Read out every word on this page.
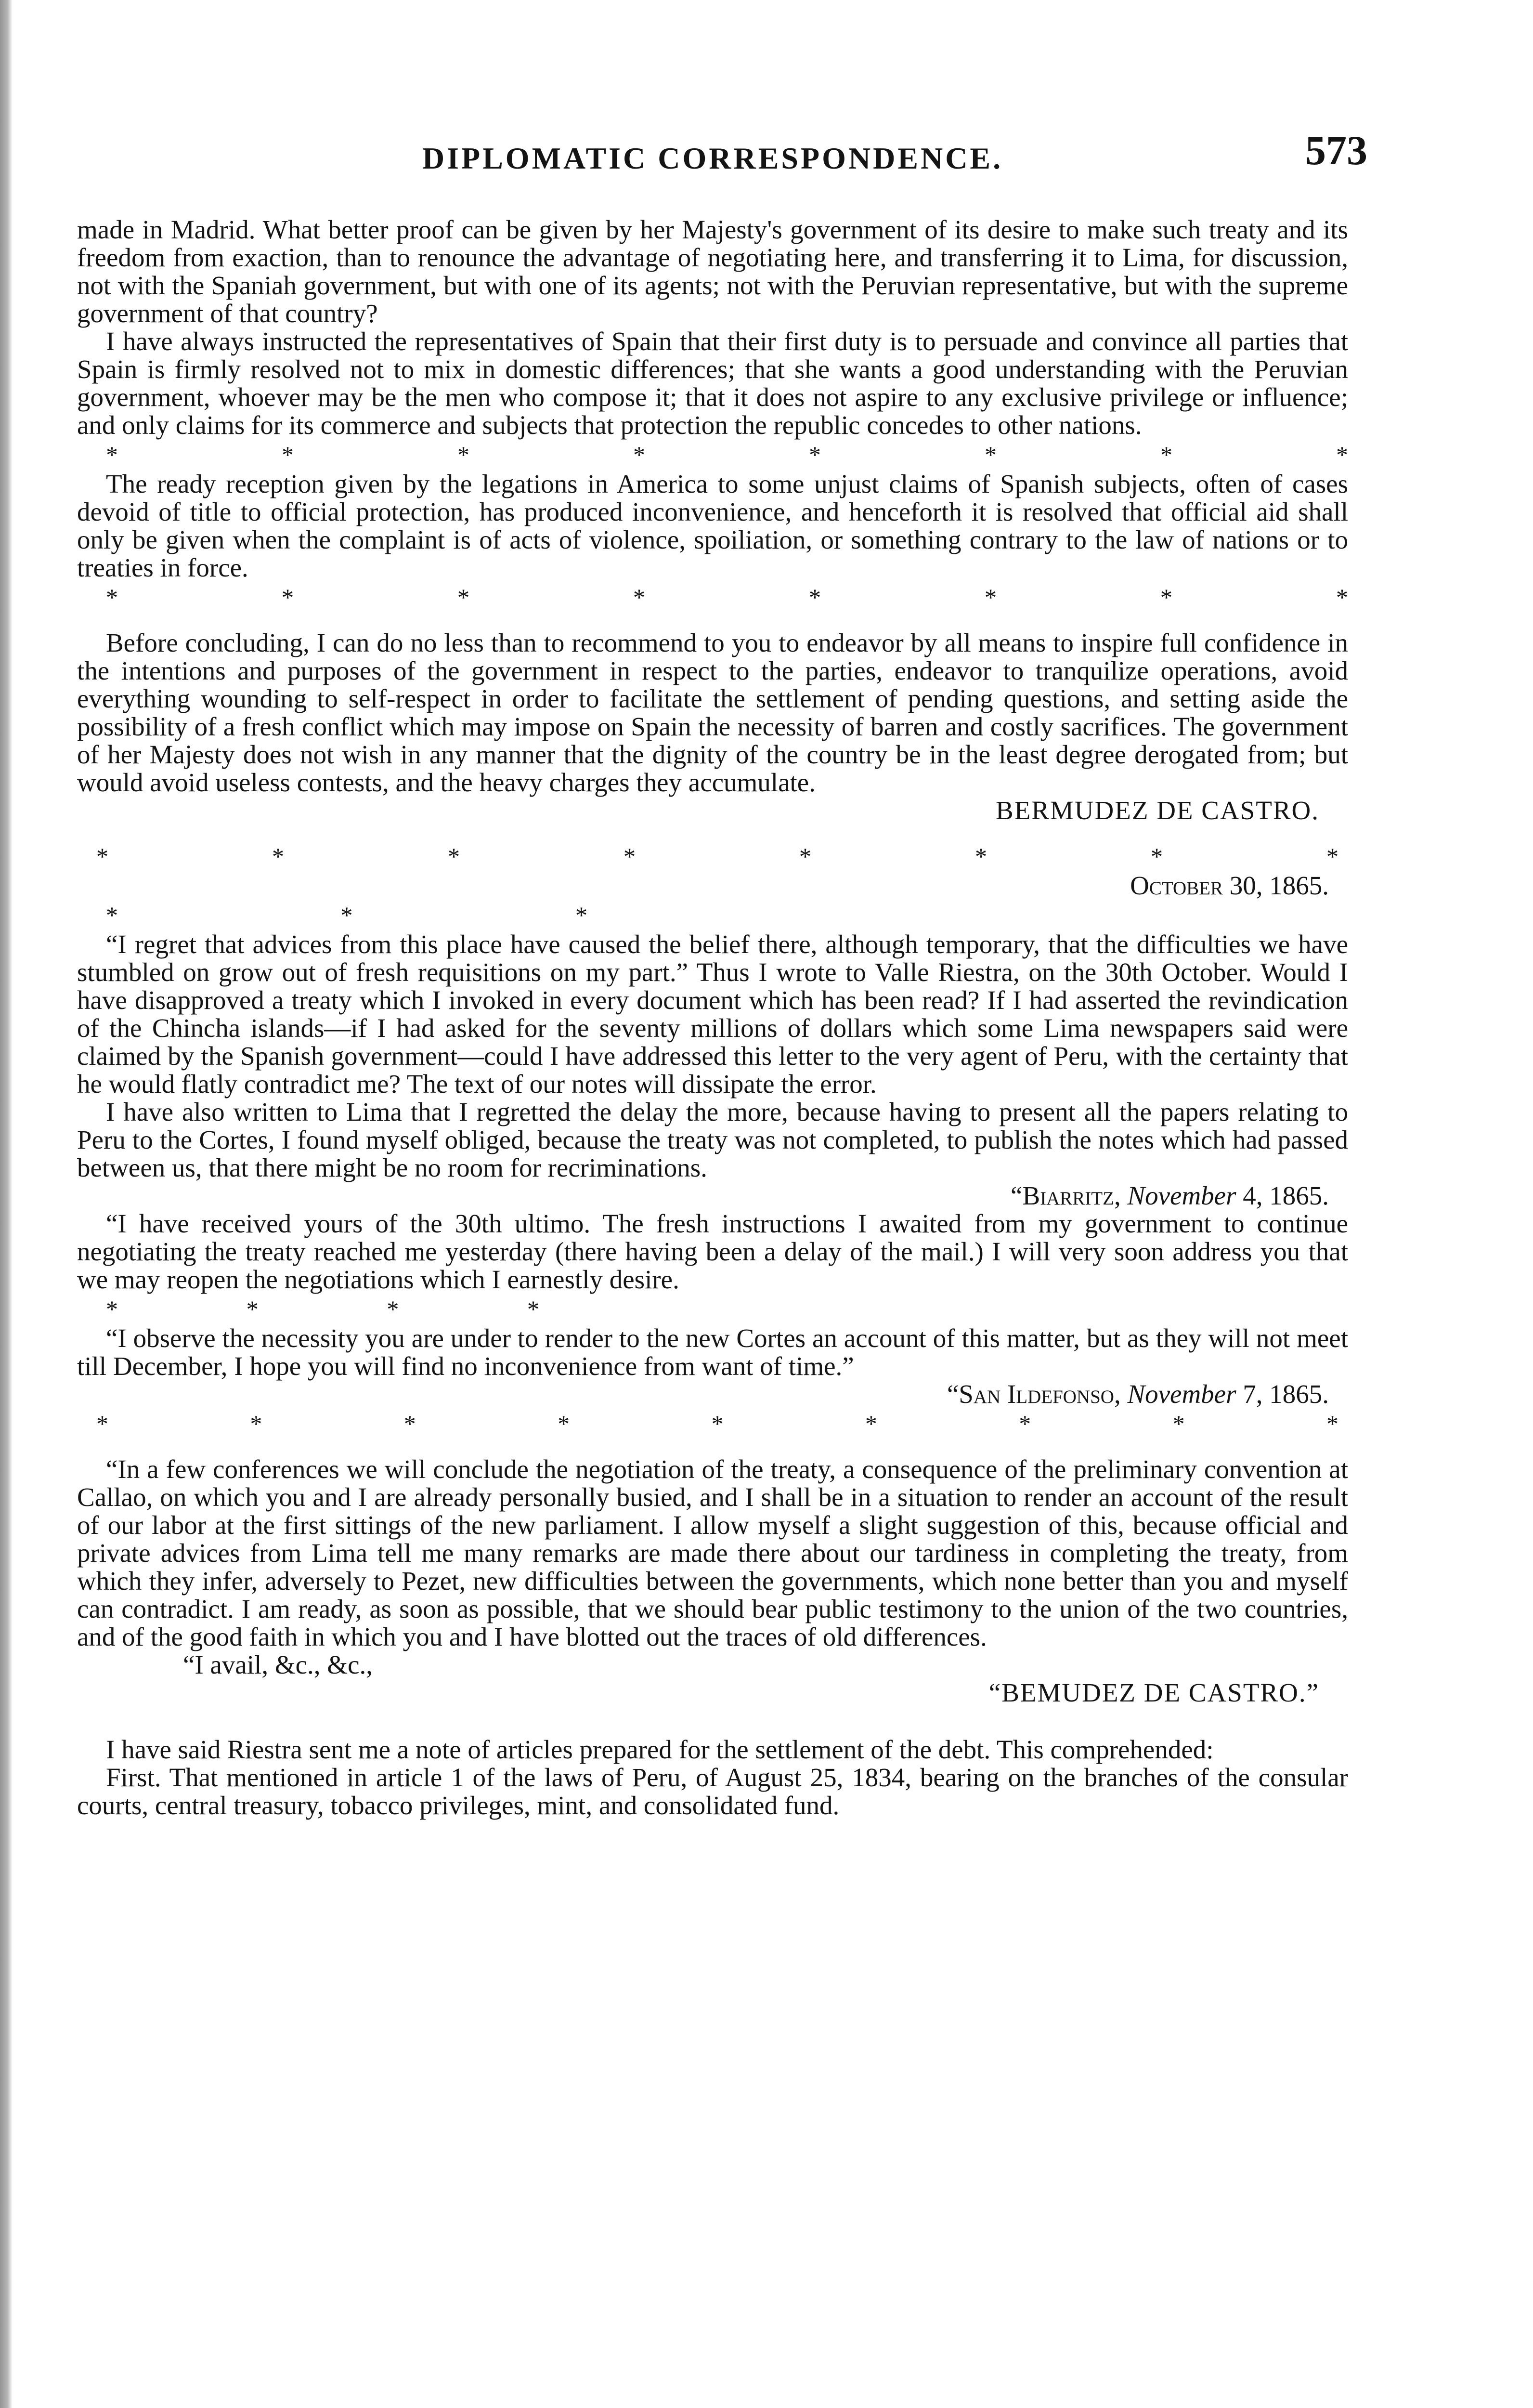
DIPLOMATIC CORRESPONDENCE.	573

made in Madrid. What better proof can be given by her Majesty's government of its desire to make such treaty and its freedom from exaction, than to renounce the advantage of negotiating here, and transferring it to Lima, for discussion, not with the Spaniah government, but with one of its agents; not with the Peruvian representative, but with the supreme government of that country?

I have always instructed the representatives of Spain that their first duty is to persuade and convince all parties that Spain is firmly resolved not to mix in domestic differences; that she wants a good understanding with the Peruvian government, whoever may be the men who compose it; that it does not aspire to any exclusive privilege or influence; and only claims for its commerce and subjects that protection the republic concedes to other nations.

*	*	*	*	*	*	*	*

The ready reception given by the legations in America to some unjust claims of Spanish subjects, often of cases devoid of title to official protection, has produced inconvenience, and henceforth it is resolved that official aid shall only be given when the complaint is of acts of violence, spoiliation, or something contrary to the law of nations or to treaties in force.

*	*	*	*	*	*	*	*

Before concluding, I can do no less than to recommend to you to endeavor by all means to inspire full confidence in the intentions and purposes of the government in respect to the parties, endeavor to tranquilize operations, avoid everything wounding to self-respect in order to facilitate the settlement of pending questions, and setting aside the possibility of a fresh conflict which may impose on Spain the necessity of barren and costly sacrifices. The government of her Majesty does not wish in any manner that the dignity of the country be in the least degree derogated from; but would avoid useless contests, and the heavy charges they accumulate.

BERMUDEZ DE CASTRO.

*	*	*	*	*	*	*	*

October 30, 1865.

*	*	*

“I regret that advices from this place have caused the belief there, although temporary, that the difficulties we have stumbled on grow out of fresh requisitions on my part.” Thus I wrote to Valle Riestra, on the 30th October. Would I have disapproved a treaty which I invoked in every document which has been read? If I had asserted the revindication of the Chincha islands—if I had asked for the seventy millions of dollars which some Lima newspapers said were claimed by the Spanish government—could I have addressed this letter to the very agent of Peru, with the certainty that he would flatly contradict me? The text of our notes will dissipate the error.

I have also written to Lima that I regretted the delay the more, because having to present all the papers relating to Peru to the Cortes, I found myself obliged, because the treaty was not completed, to publish the notes which had passed between us, that there might be no room for recriminations.

“Biarritz, November 4, 1865.

“I have received yours of the 30th ultimo. The fresh instructions I awaited from my government to continue negotiating the treaty reached me yesterday (there having been a delay of the mail.) I will very soon address you that we may reopen the negotiations which I earnestly desire.

*	*	*	*

“I observe the necessity you are under to render to the new Cortes an account of this matter, but as they will not meet till December, I hope you will find no inconvenience from want of time.”

“San Ildefonso, November 7, 1865.

*	*	*	*	*	*	*	*	*

“In a few conferences we will conclude the negotiation of the treaty, a consequence of the preliminary convention at Callao, on which you and I are already personally busied, and I shall be in a situation to render an account of the result of our labor at the first sittings of the new parliament. I allow myself a slight suggestion of this, because official and private advices from Lima tell me many remarks are made there about our tardiness in completing the treaty, from which they infer, adversely to Pezet, new difficulties between the governments, which none better than you and myself can contradict. I am ready, as soon as possible, that we should bear public testimony to the union of the two countries, and of the good faith in which you and I have blotted out the traces of old differences.

“I avail, &c., &c.,

“BEMUDEZ DE CASTRO.”

I have said Riestra sent me a note of articles prepared for the settlement of the debt. This comprehended:

First. That mentioned in article 1 of the laws of Peru, of August 25, 1834, bearing on the branches of the consular courts, central treasury, tobacco privileges, mint, and consolidated fund.
